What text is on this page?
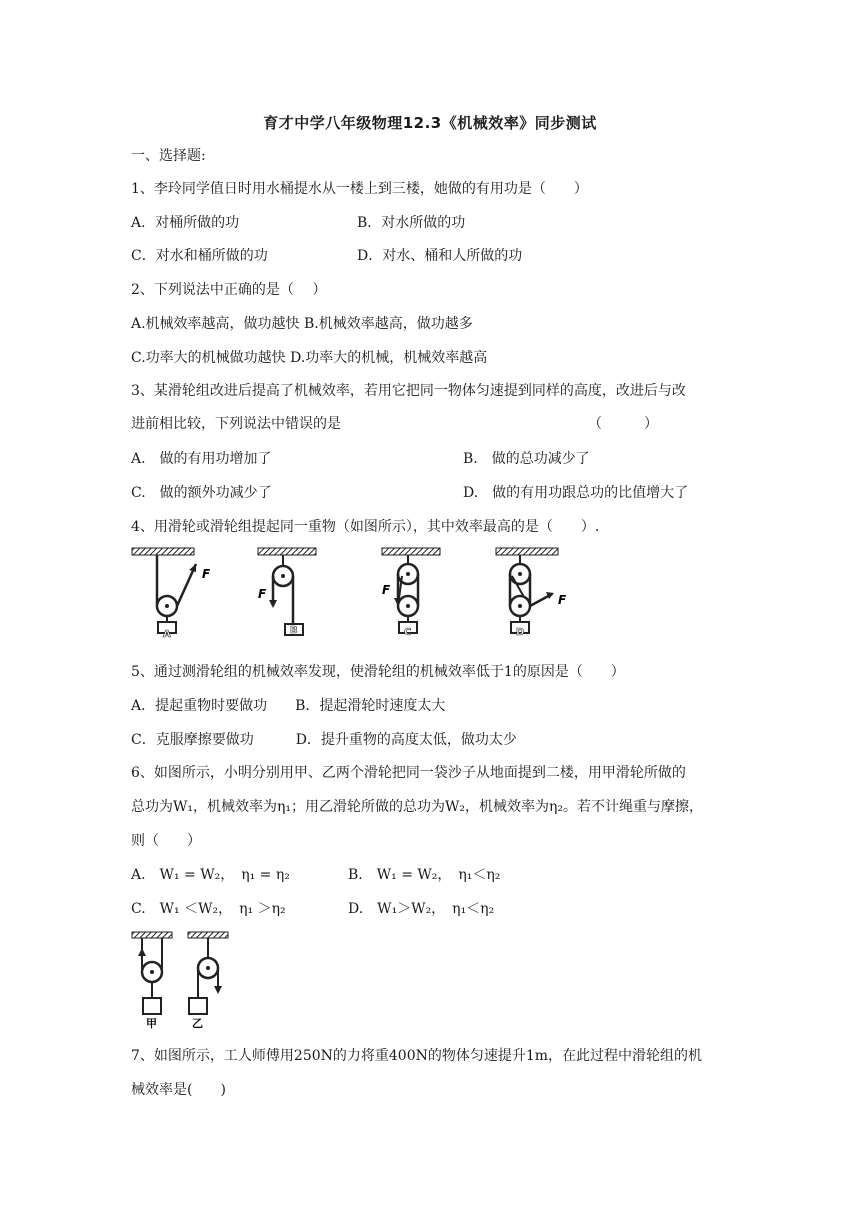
育才中学八年级物理12.3《机械效率》同步测试
一、选择题:
1、李玲同学值日时用水桶提水从一楼上到三楼，她做的有用功是（　　）
A．对桶所做的功	B．对水所做的功
C．对水和桶所做的功	D．对水、桶和人所做的功
2、下列说法中正确的是（　 ）
A.机械效率越高，做功越快 B.机械效率越高，做功越多
C.功率大的机械做功越快 D.功率大的机械，机械效率越高
3、某滑轮组改进后提高了机械效率，若用它把同一物体匀速提到同样的高度，改进后与改
进前相比较，下列说法中错误的是	（　　　）
A.　做的有用功增加了	B.　做的总功减少了
C.　做的额外功减少了	D.　做的有用功跟总功的比值增大了
4、用滑轮或滑轮组提起同一重物（如图所示），其中效率最高的是（　　）.
F
A
F
B
F
C
F
D
5、通过测滑轮组的机械效率发现，使滑轮组的机械效率低于1的原因是（　　）
A．提起重物时要做功　　B．提起滑轮时速度太大
C．克服摩擦要做功　　　D．提升重物的高度太低，做功太少
6、如图所示，小明分别用甲、乙两个滑轮把同一袋沙子从地面提到二楼，用甲滑轮所做的
总功为W₁，机械效率为η₁；用乙滑轮所做的总功为W₂，机械效率为η₂。若不计绳重与摩擦，
则（　　）
A.　W₁ = W₂，　η₁ = η₂	B.　W₁ = W₂，　η₁＜η₂
C.　W₁ ＜W₂，　η₁ ＞η₂	D.　W₁＞W₂，　η₁＜η₂
甲	乙
7、如图所示，工人师傅用250N的力将重400N的物体匀速提升1m，在此过程中滑轮组的机
械效率是(　　)
